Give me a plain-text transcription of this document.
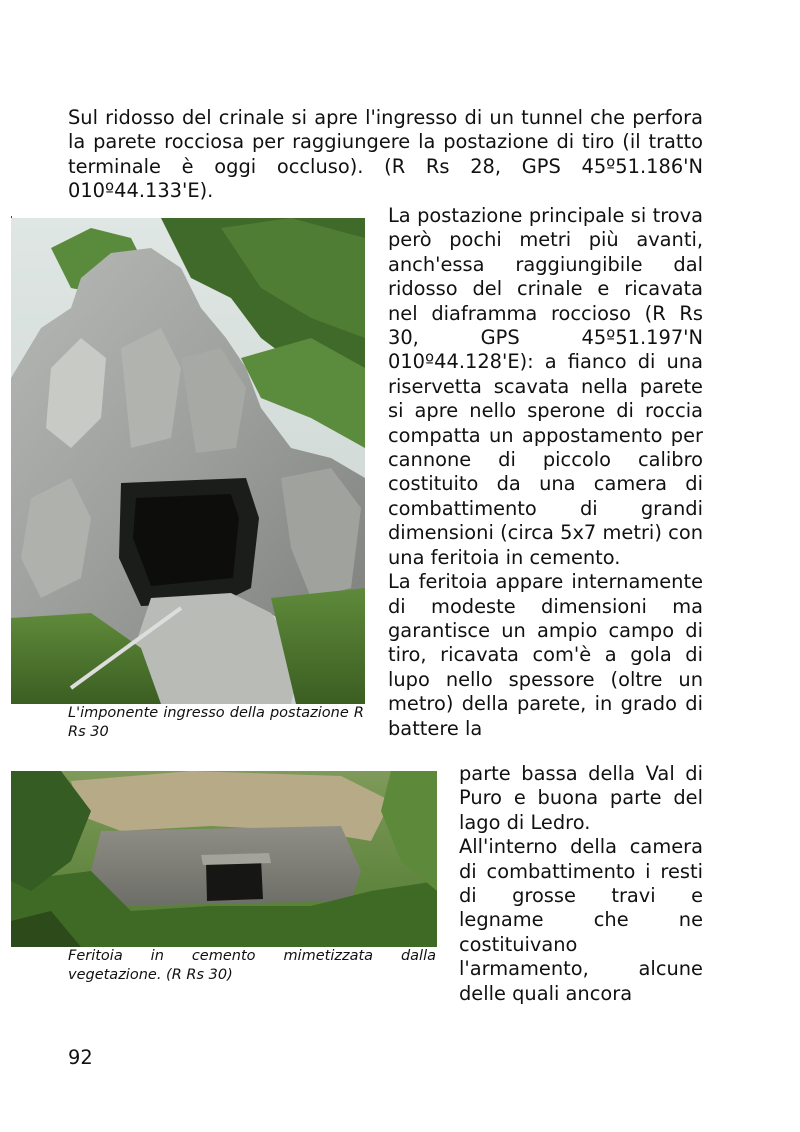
Sul ridosso del crinale si apre l'ingresso di un tunnel che perfora la parete rocciosa per raggiungere la postazione di tiro (il tratto terminale è oggi occluso). (R Rs 28, GPS 45º51.186'N 010º44.133'E).

L'imponente ingresso della postazione R Rs 30

La postazione principale si trova però pochi metri più avanti, anch'essa raggiungibile dal ridosso del crinale e ricavata nel diaframma roccioso (R Rs 30, GPS 45º51.197'N 010º44.128'E): a fianco di una riservetta scavata nella parete si apre nello sperone di roccia compatta un appostamento per cannone di piccolo calibro costituito da una camera di combattimento di grandi dimensioni (circa 5x7 metri) con una feritoia in cemento.

La feritoia appare internamente di modeste dimensioni ma garantisce un ampio campo di tiro, ricavata com'è a gola di lupo nello spessore (oltre un metro) della parete, in grado di battere la

Feritoia in cemento mimetizzata dalla vegetazione. (R Rs 30)

parte bassa della Val di Puro e buona parte del lago di Ledro.

All'interno della camera di combattimento i resti di grosse travi e legname che ne costituivano l'armamento, alcune delle quali ancora

92
